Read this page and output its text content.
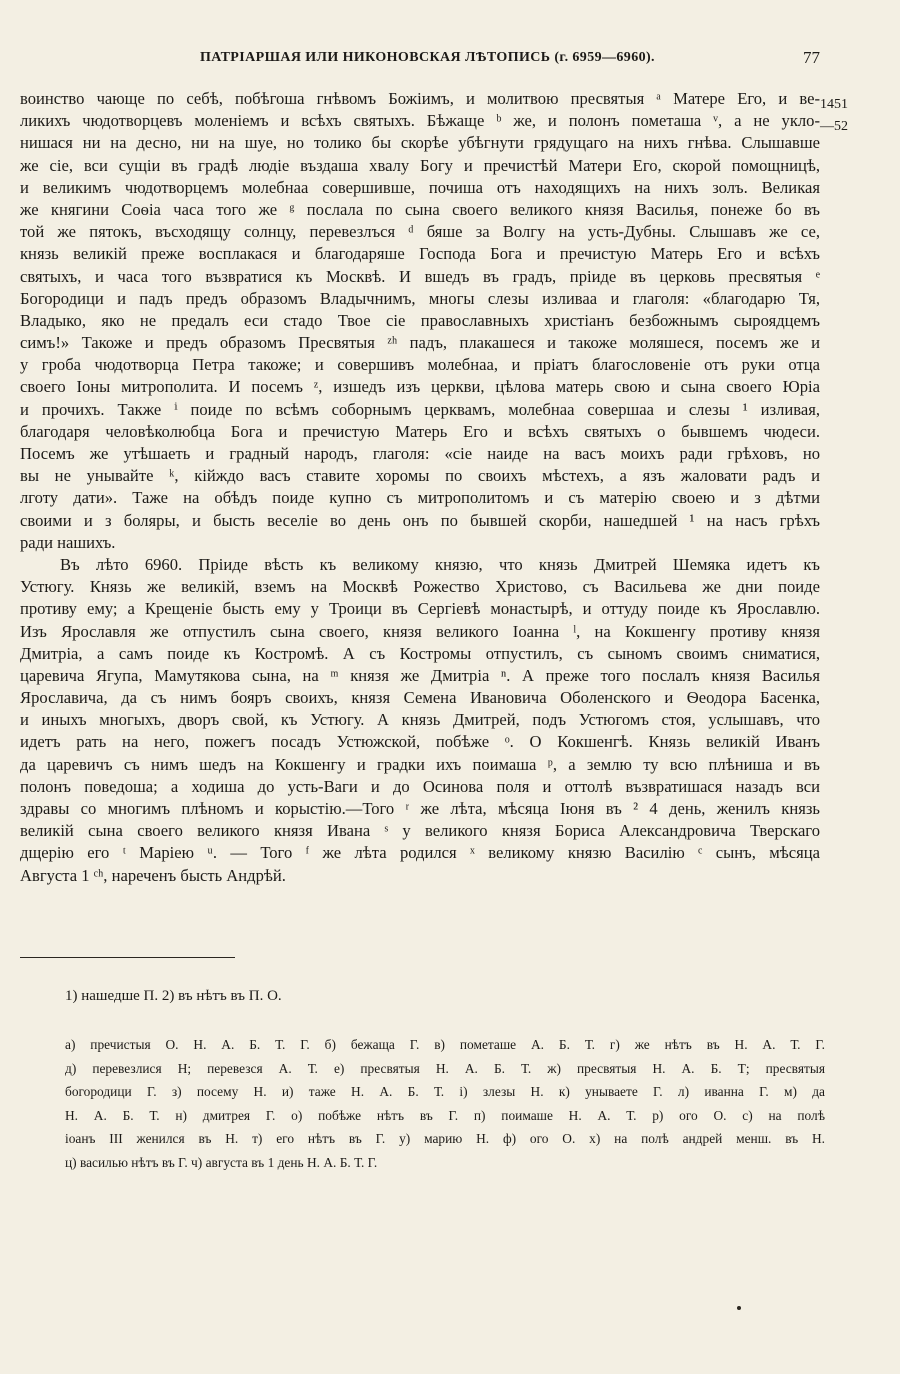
ПАТРІАРШАЯ ИЛИ НИКОНОВСКАЯ ЛѢТОПИСЬ (г. 6959—6960).	77
1451
—52
воинство чающе по себѣ, побѣгоша гнѣвомъ Божіимъ, и молитвою пресвятыя ᵃ Матере Его, и ве-
ликихъ чюдотворцевъ моленіемъ и всѣхъ святыхъ. Бѣжаще ᵇ же, и полонъ пометаша ᵛ, а не укло-
нишася ни на десно, ни на шуе, но толико бы скорѣе убѣгнути грядущаго на нихъ гнѣва. Слышавше
же сіе, вси сущіи въ градѣ людіе въздаша хвалу Богу и пречистѣй Матери Его, скорой помощницѣ,
и великимъ чюдотворцемъ молебнаа совершивше, почиша отъ находящихъ на нихъ золъ. Великая
же княгини Соѳіа часа того же ᵍ послала по сына своего великого князя Василья, понеже бо въ
той же пятокъ, въсходящу солнцу, перевезлъся ᵈ бяше за Волгу на усть-Дубны. Слышавъ же се,
князь великій преже восплакася и благодаряше Господа Бога и пречистую Матерь Его и всѣхъ
святыхъ, и часа того възвратися къ Москвѣ. И вшедъ въ градъ, пріиде въ церковь пресвятыя ᵉ
Богородици и падъ предъ образомъ Владычнимъ, многы слезы изливаа и глаголя: «благодарю Тя,
Владыко, яко не предалъ еси стадо Твое сіе православныхъ христіанъ безбожнымъ сыроядцемъ
симъ!» Такоже и предъ образомъ Пресвятыя ᶻʰ падъ, плакашеся и такоже моляшеся, посемъ же и
у гроба чюдотворца Петра такоже; и совершивъ молебнаа, и пріатъ благословеніе отъ руки отца
своего Іоны митрополита. И посемъ ᶻ, изшедъ изъ церкви, цѣлова матерь свою и сына своего Юріа
и прочихъ. Также ⁱ поиде по всѣмъ соборнымъ церквамъ, молебнаа совершаа и слезы ¹ изливая,
благодаря человѣколюбца Бога и пречистую Матерь Его и всѣхъ святыхъ о бывшемъ чюдеси.
Посемъ же утѣшаеть и градный народъ, глаголя: «сіе наиде на васъ моихъ ради грѣховъ, но
вы не унывайте ᵏ, кійждо васъ ставите хоромы по своихъ мѣстехъ, а язъ жаловати радъ и
лготу дати». Таже на обѣдъ поиде купно съ митрополитомъ и съ матерію своею и з дѣтми
своими и з боляры, и бысть веселіе во день онъ по бывшей скорби, нашедшей ¹ на насъ грѣхъ
ради нашихъ.
Въ лѣто 6960. Пріиде вѣсть къ великому князю, что князь Дмитрей Шемяка идетъ къ
Устюгу. Князь же великій, вземъ на Москвѣ Рожество Христово, съ Васильева же дни поиде
противу ему; а Крещеніе бысть ему у Троици въ Сергіевѣ монастырѣ, и оттуду поиде къ Ярославлю.
Изъ Ярославля же отпустилъ сына своего, князя великого Іоанна ˡ, на Кокшенгу противу князя
Дмитріа, а самъ поиде къ Костромѣ. А съ Костромы отпустилъ, съ сыномъ своимъ сниматися,
царевича Ягупа, Мамутякова сына, на ᵐ князя же Дмитріа ⁿ. А преже того послалъ князя Василья
Ярославича, да съ нимъ бояръ своихъ, князя Семена Ивановича Оболенского и Ѳеодора Басенка,
и иныхъ многыхъ, дворъ свой, къ Устюгу. А князь Дмитрей, подъ Устюгомъ стоя, услышавъ, что
идетъ рать на него, пожегъ посадъ Устюжской, побѣже ᵒ. О Кокшенгѣ. Князь великій Иванъ
да царевичъ съ нимъ шедъ на Кокшенгу и градки ихъ поимаша ᵖ, а землю ту всю плѣниша и въ
полонъ поведоша; а ходиша до усть-Ваги и до Осинова поля и оттолѣ възвратишася назадъ вси
здравы со многимъ плѣномъ и корыстію.—Того ʳ же лѣта, мѣсяца Іюня въ ² 4 день, женилъ князь
великій сына своего великого князя Ивана ˢ у великого князя Бориса Александровича Тверскаго
дщерію его ᵗ Маріею ᵘ. — Того ᶠ же лѣта родился ˣ великому князю Василію ᶜ сынъ, мѣсяца
Августа 1 ᶜʰ, нареченъ бысть Андрѣй.
1) нашедше П. 2) въ нѣтъ въ П. О.
а) пречистыя О. Н. А. Б. Т. Г. б) бежаща Г. в) пометаше А. Б. Т. г) же нѣтъ въ Н. А. Т. Г.
д) перевезлися Н; перевезся А. Т. е) пресвятыя Н. А. Б. Т. ж) пресвятыя Н. А. Б. Т; пресвятыя
богородици Г. з) посему Н. и) таже Н. А. Б. Т. і) злезы Н. к) унываете Г. л) иванна Г. м) да
Н. А. Б. Т. н) дмитрея Г. о) побѣже нѣтъ въ Г. п) поимаше Н. А. Т. р) ого О. с) на полѣ
іоанъ III женился въ Н. т) его нѣтъ въ Г. у) марию Н. ф) ого О. х) на полѣ андрей менш. въ Н.
ц) василью нѣтъ въ Г. ч) августа въ 1 день Н. А. Б. Т. Г.
